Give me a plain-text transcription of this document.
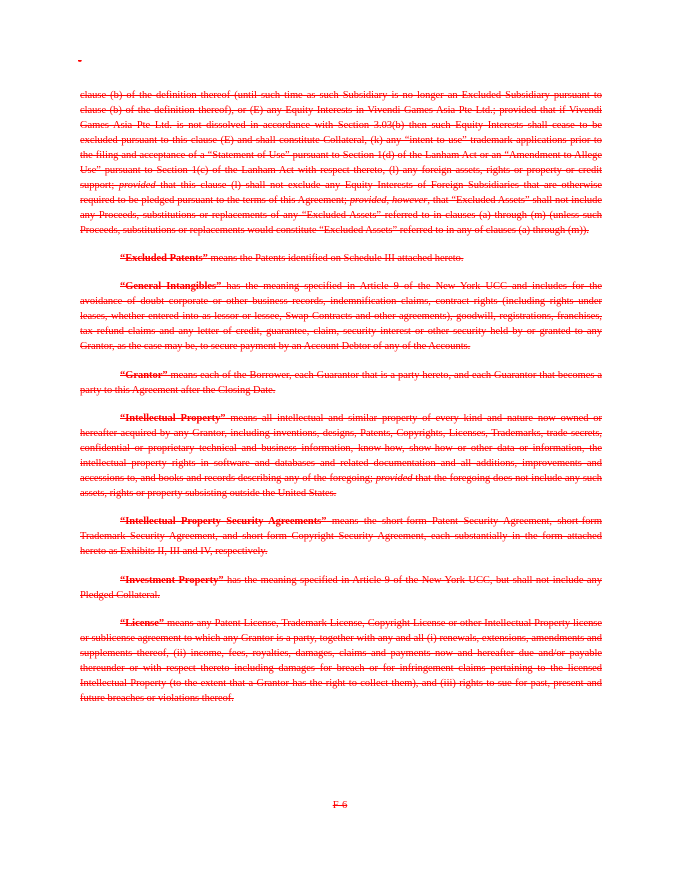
-

clause (b) of the definition thereof (until such time as such Subsidiary is no longer an Excluded Subsidiary pursuant to clause (b) of the definition thereof), or (E) any Equity Interests in Vivendi Games Asia Pte Ltd.; provided that if Vivendi Games Asia Pte Ltd. is not dissolved in accordance with Section 3.03(b) then such Equity Interests shall cease to be excluded pursuant to this clause (E) and shall constitute Collateral, (k) any “intent-to-use” trademark applications prior to the filing and acceptance of a “Statement of Use” pursuant to Section 1(d) of the Lanham Act or an “Amendment to Allege Use” pursuant to Section 1(c) of the Lanham Act with respect thereto, (l) any foreign assets, rights or property or credit support; provided that this clause (l) shall not exclude any Equity Interests of Foreign Subsidiaries that are otherwise required to be pledged pursuant to the terms of this Agreement; provided, however, that “Excluded Assets” shall not include any Proceeds, substitutions or replacements of any “Excluded Assets” referred to in clauses (a) through (m) (unless such Proceeds, substitutions or replacements would constitute “Excluded Assets” referred to in any of clauses (a) through (m)).

“Excluded Patents” means the Patents identified on Schedule III attached hereto.

“General Intangibles” has the meaning specified in Article 9 of the New York UCC and includes for the avoidance of doubt corporate or other business records, indemnification claims, contract rights (including rights under leases, whether entered into as lessor or lessee, Swap Contracts and other agreements), goodwill, registrations, franchises, tax refund claims and any letter of credit, guarantee, claim, security interest or other security held by or granted to any Grantor, as the case may be, to secure payment by an Account Debtor of any of the Accounts.

“Grantor” means each of the Borrower, each Guarantor that is a party hereto, and each Guarantor that becomes a party to this Agreement after the Closing Date.

“Intellectual Property” means all intellectual and similar property of every kind and nature now owned or hereafter acquired by any Grantor, including inventions, designs, Patents, Copyrights, Licenses, Trademarks, trade secrets, confidential or proprietary technical and business information, know-how, show-how or other data or information, the intellectual property rights in software and databases and related documentation and all additions, improvements and accessions to, and books and records describing any of the foregoing; provided that the foregoing does not include any such assets, rights or property subsisting outside the United States.

“Intellectual Property Security Agreements” means the short-form Patent Security Agreement, short-form Trademark Security Agreement, and short-form Copyright Security Agreement, each substantially in the form attached hereto as Exhibits II, III and IV, respectively.

“Investment Property” has the meaning specified in Article 9 of the New York UCC, but shall not include any Pledged Collateral.

“License” means any Patent License, Trademark License, Copyright License or other Intellectual Property license or sublicense agreement to which any Grantor is a party, together with any and all (i) renewals, extensions, amendments and supplements thereof, (ii) income, fees, royalties, damages, claims and payments now and hereafter due and/or payable thereunder or with respect thereto including damages for breach or for infringement claims pertaining to the licensed Intellectual Property (to the extent that a Grantor has the right to collect them), and (iii) rights to sue for past, present and future breaches or violations thereof.

F-6
